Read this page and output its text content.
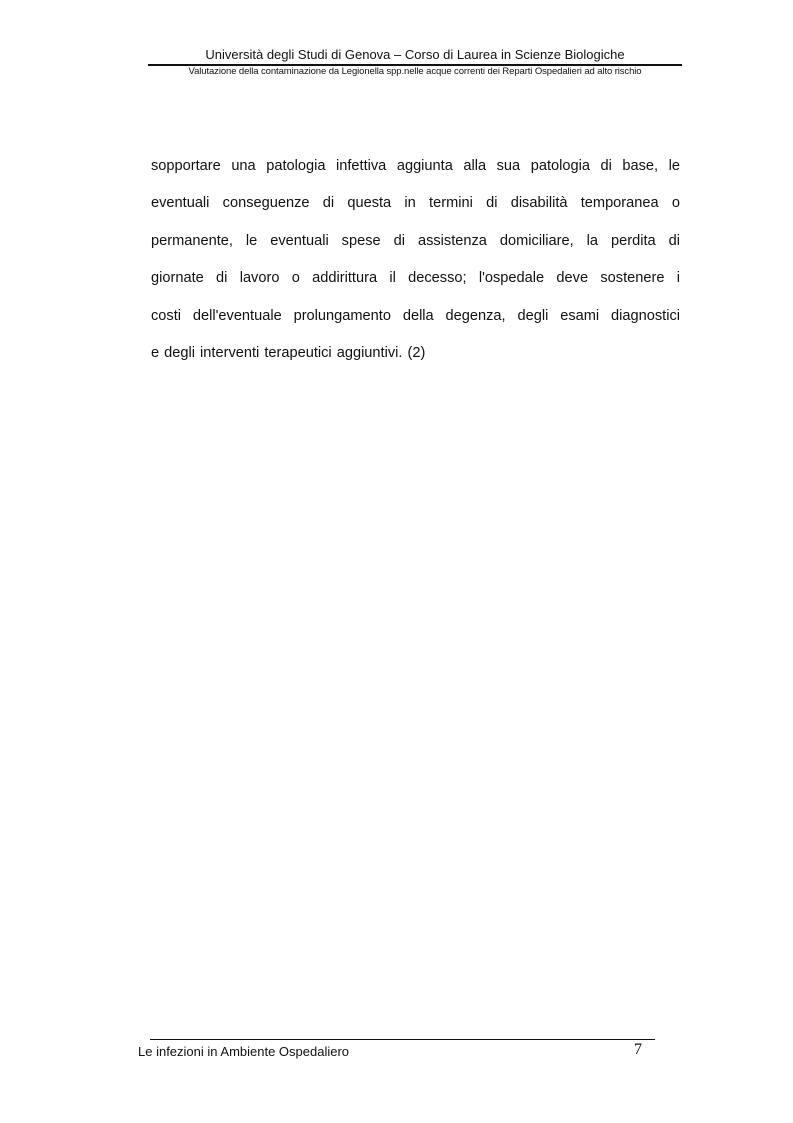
Università degli Studi di Genova – Corso di Laurea in Scienze Biologiche
Valutazione della contaminazione da Legionella spp.nelle acque correnti dei Reparti Ospedalieri ad alto rischio
sopportare una patologia infettiva aggiunta alla sua patologia di base, le
eventuali conseguenze di questa in termini di disabilità temporanea o
permanente, le eventuali spese di assistenza domiciliare, la perdita di
giornate di lavoro o addirittura il decesso; l'ospedale deve sostenere i
costi dell'eventuale prolungamento della degenza, degli esami diagnostici
e degli interventi terapeutici aggiuntivi. (2)
Le infezioni in Ambiente Ospedaliero	7
